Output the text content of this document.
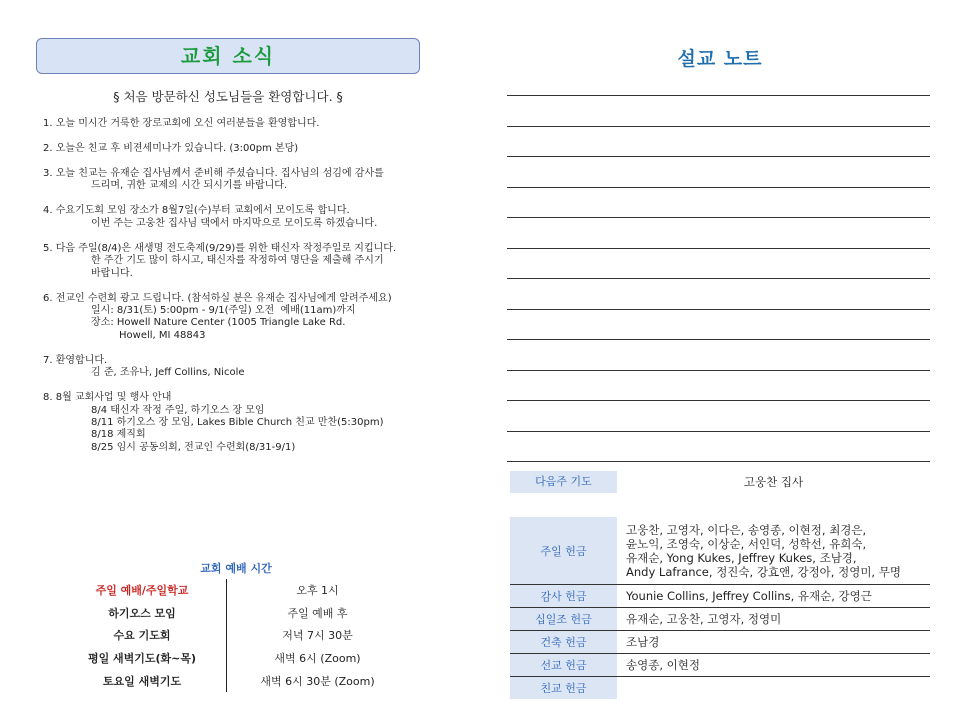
교회 소식
§ 처음 방문하신 성도님들을 환영합니다. §

1. 오늘 미시간 거룩한 장로교회에 오신 여러분들을 환영합니다.

2. 오늘은 친교 후 비젼세미나가 있습니다. (3:00pm 본당)

3. 오늘 친교는 유재순 집사님께서 준비해 주셨습니다. 집사님의 섬김에 감사를

드리며, 귀한 교제의 시간 되시기를 바랍니다.

4. 수요기도회 모임 장소가 8월7일(수)부터 교회에서 모이도록 합니다.

이번 주는 고웅찬 집사님 댁에서 마지막으로 모이도록 하겠습니다.

5. 다음 주일(8/4)은 새생명 전도축제(9/29)를 위한 태신자 작정주일로 지킵니다.

한 주간 기도 많이 하시고, 태신자를 작정하여 명단을 제출해 주시기

바랍니다.

6. 전교인 수련회 광고 드립니다. (참석하실 분은 유재순 집사님에게 알려주세요)

일시: 8/31(토) 5:00pm - 9/1(주일) 오전  예배(11am)까지

장소: Howell Nature Center (1005 Triangle Lake Rd.

Howell, MI 48843

7. 환영합니다.

김 준, 조유나, Jeff Collins, Nicole

8. 8월 교회사업 및 행사 안내

8/4 태신자 작정 주일, 하기오스 장 모임

8/11 하기오스 장 모임, Lakes Bible Church 친교 만찬(5:30pm)

8/18 제직회

8/25 임시 공동의회, 전교인 수련회(8/31-9/1)

교회 예배 시간
주일 예배/주일학교	오후 1시
하기오스 모임	주일 예배 후
수요 기도회	저녁 7시 30분
평일 새벽기도(화~목)	새벽 6시 (Zoom)
토요일 새벽기도	새벽 6시 30분 (Zoom)
설교 노트
다음주 기도	고웅찬 집사
주일 헌금	고웅찬, 고영자, 이다은, 송영종, 이현정, 최경은,
윤노익, 조영숙, 이상순, 서인덕, 성학선, 유희숙,
유재순, Yong Kukes, Jeffrey Kukes, 조남경,
Andy Lafrance, 정진숙, 강효앤, 강정아, 정영미, 무명

감사 헌금	Younie Collins, Jeffrey Collins, 유재순, 강영근

십일조 헌금	유재순, 고웅찬, 고영자, 정영미

건축 헌금	조남경

선교 헌금	송영종, 이현정

친교 헌금	
